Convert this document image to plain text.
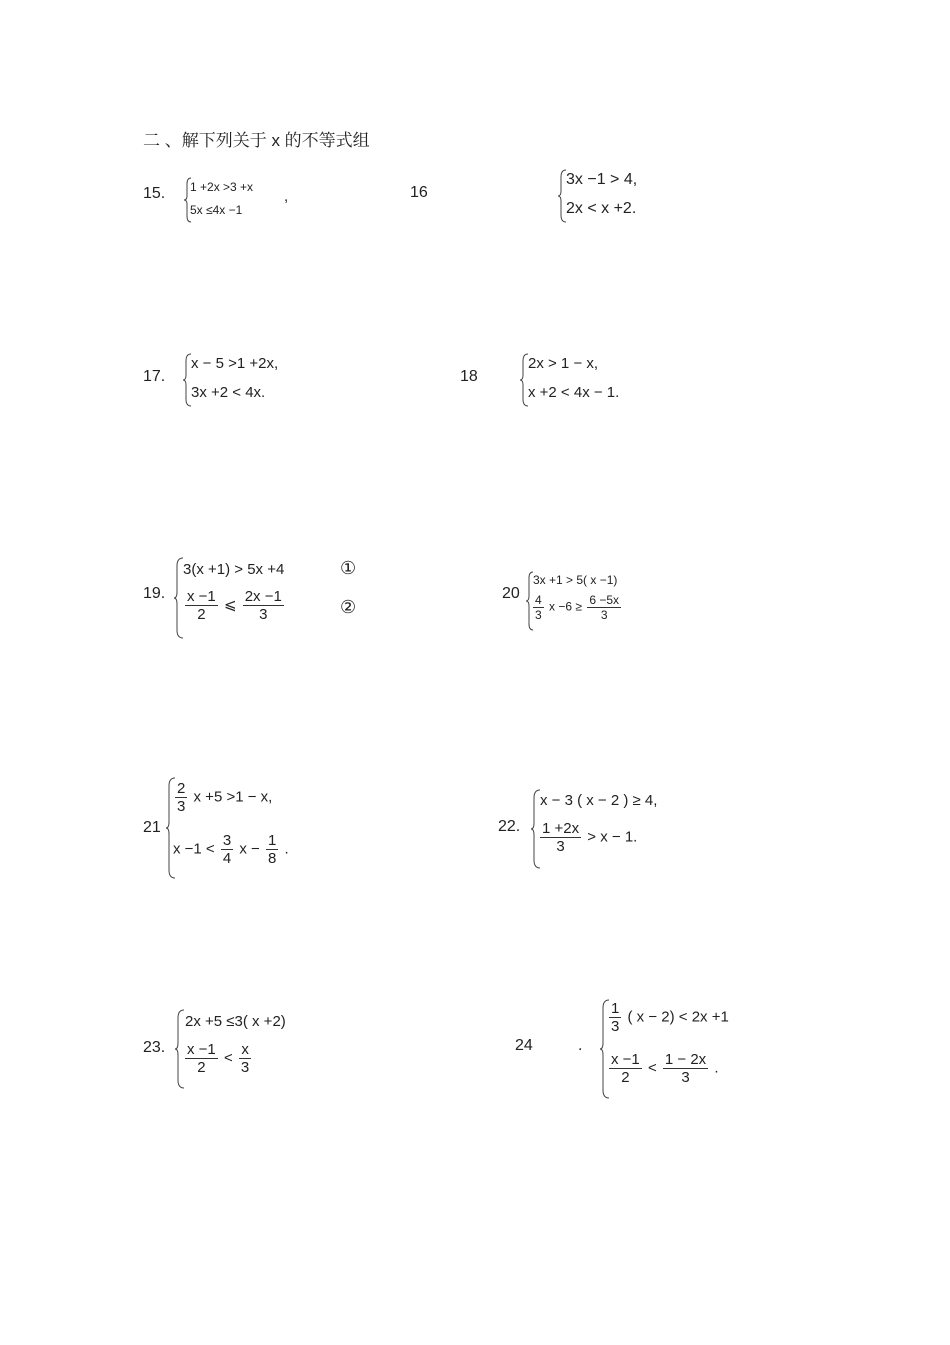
二 、解下列关于 x 的不等式组
15. 1 +2x >3 +x
5x ≤4x −1
,	16
3x −1 > 4,
2x < x +2.
17.
x − 5 >1 +2x,
3x +2 < 4x.
18
2x > 1 − x,
x +2 < 4x − 1.
19.
3(x +1) > 5x +4
$\frac{x -1}{2}$ ⩽ $\frac{2x -1}{3}$
①
②
20
3x +1 > 5( x −1)
$\frac{4}{3}$ $x -6 \ge \frac{6 -5x}{3}$
21
$\frac{2}{3}$ x +5 >1 − x,
$x -1 < \frac{3}{4}$ $x - \frac{1}{8}$ .
22.
x − 3 ( x − 2 ) ≥ 4,
$\frac{1 +2x}{3} > x - 1$.
23.
2x +5 ≤3( x +2)
$\frac{x -1}{2} < \frac{x}{3}$	24	.
$\frac{1}{3}$ ( x − 2) < 2x +1
$\frac{x -1}{2} < \frac{1 - 2x}{3}$ .
